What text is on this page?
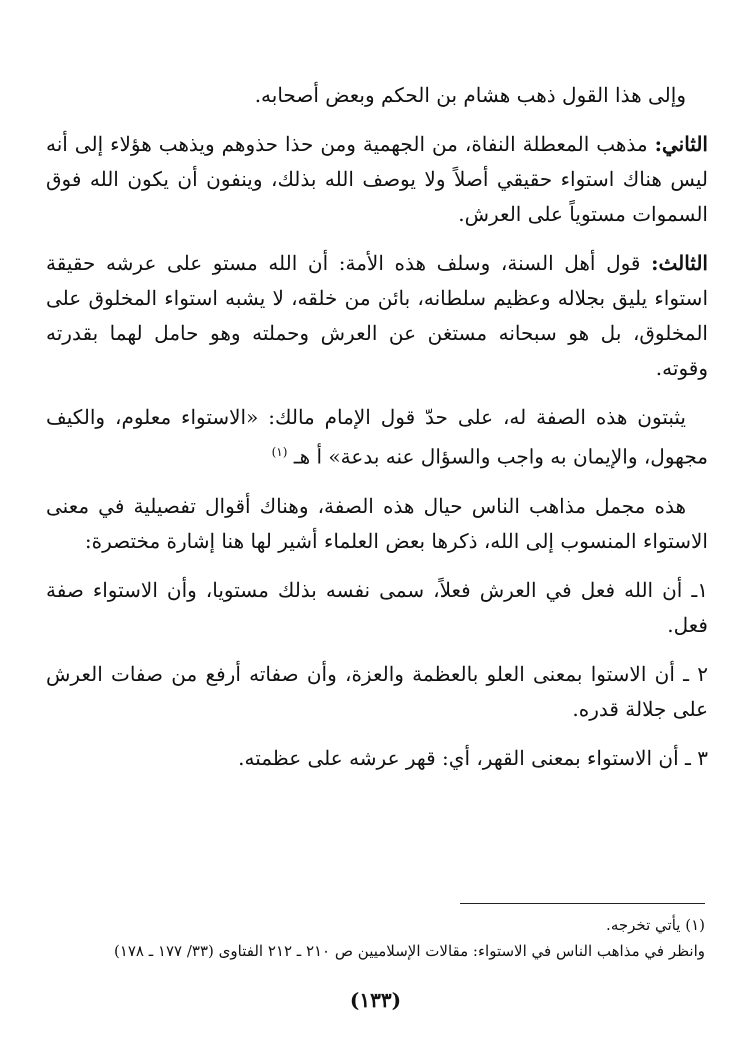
وإلى هذا القول ذهب هشام بن الحكم وبعض أصحابه.

الثاني: مذهب المعطلة النفاة، من الجهمية ومن حذا حذوهم ويذهب هؤلاء إلى أنه ليس هناك استواء حقيقي أصلاً ولا يوصف الله بذلك، وينفون أن يكون الله فوق السموات مستوياً على العرش.

الثالث: قول أهل السنة، وسلف هذه الأمة: أن الله مستو على عرشه حقيقة استواء يليق بجلاله وعظيم سلطانه، بائن من خلقه، لا يشبه استواء المخلوق على المخلوق، بل هو سبحانه مستغن عن العرش وحملته وهو حامل لهما بقدرته وقوته.

يثبتون هذه الصفة له، على حدّ قول الإمام مالك: «الاستواء معلوم، والكيف مجهول، والإيمان به واجب والسؤال عنه بدعة» أ هـ $^{(١)}$

هذه مجمل مذاهب الناس حيال هذه الصفة، وهناك أقوال تفصيلية في معنى الاستواء المنسوب إلى الله، ذكرها بعض العلماء أشير لها هنا إشارة مختصرة:

١ـ أن الله فعل في العرش فعلاً، سمى نفسه بذلك مستويا، وأن الاستواء صفة فعل.

٢ ـ أن الاستوا بمعنى العلو بالعظمة والعزة، وأن صفاته أرفع من صفات العرش على جلالة قدره.

٣ ـ أن الاستواء بمعنى القهر، أي: قهر عرشه على عظمته.

(١) يأتي تخرجه.

وانظر في مذاهب الناس في الاستواء: مقالات الإسلاميين ص ٢١٠ ـ ٢١٢ الفتاوى (٣٣/ ١٧٧ ـ ١٧٨)

(١٣٣)
